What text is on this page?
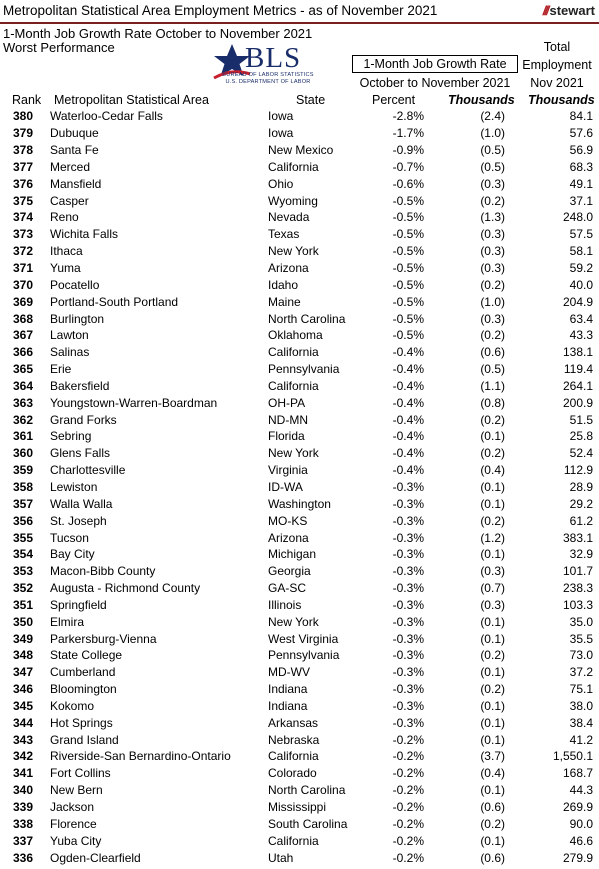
Metropolitan Statistical Area Employment Metrics - as of November 2021	/// stewart
1-Month Job Growth Rate October to November 2021
Worst Performance	BLS
BUREAU OF LABOR STATISTICS
U.S. DEPARTMENT OF LABOR
1-Month Job Growth Rate
October to November 2021
Total
Employment
Nov 2021
Rank Metropolitan Statistical Area	State	Percent	Thousands Thousands
380	Waterloo-Cedar Falls	Iowa	-2.8%	(2.4)	84.1
379	Dubuque	Iowa	-1.7%	(1.0)	57.6
378	Santa Fe	New Mexico	-0.9%	(0.5)	56.9
377	Merced	California	-0.7%	(0.5)	68.3
376	Mansfield	Ohio	-0.6%	(0.3)	49.1
375	Casper	Wyoming	-0.5%	(0.2)	37.1
374	Reno	Nevada	-0.5%	(1.3)	248.0
373	Wichita Falls	Texas	-0.5%	(0.3)	57.5
372	Ithaca	New York	-0.5%	(0.3)	58.1
371	Yuma	Arizona	-0.5%	(0.3)	59.2
370	Pocatello	Idaho	-0.5%	(0.2)	40.0
369	Portland-South Portland	Maine	-0.5%	(1.0)	204.9
368	Burlington	North Carolina	-0.5%	(0.3)	63.4
367	Lawton	Oklahoma	-0.5%	(0.2)	43.3
366	Salinas	California	-0.4%	(0.6)	138.1
365	Erie	Pennsylvania	-0.4%	(0.5)	119.4
364	Bakersfield	California	-0.4%	(1.1)	264.1
363	Youngstown-Warren-Boardman	OH-PA	-0.4%	(0.8)	200.9
362	Grand Forks	ND-MN	-0.4%	(0.2)	51.5
361	Sebring	Florida	-0.4%	(0.1)	25.8
360	Glens Falls	New York	-0.4%	(0.2)	52.4
359	Charlottesville	Virginia	-0.4%	(0.4)	112.9
358	Lewiston	ID-WA	-0.3%	(0.1)	28.9
357	Walla Walla	Washington	-0.3%	(0.1)	29.2
356	St. Joseph	MO-KS	-0.3%	(0.2)	61.2
355	Tucson	Arizona	-0.3%	(1.2)	383.1
354	Bay City	Michigan	-0.3%	(0.1)	32.9
353	Macon-Bibb County	Georgia	-0.3%	(0.3)	101.7
352	Augusta - Richmond County	GA-SC	-0.3%	(0.7)	238.3
351	Springfield	Illinois	-0.3%	(0.3)	103.3
350	Elmira	New York	-0.3%	(0.1)	35.0
349	Parkersburg-Vienna	West Virginia	-0.3%	(0.1)	35.5
348	State College	Pennsylvania	-0.3%	(0.2)	73.0
347	Cumberland	MD-WV	-0.3%	(0.1)	37.2
346	Bloomington	Indiana	-0.3%	(0.2)	75.1
345	Kokomo	Indiana	-0.3%	(0.1)	38.0
344	Hot Springs	Arkansas	-0.3%	(0.1)	38.4
343	Grand Island	Nebraska	-0.2%	(0.1)	41.2
342	Riverside-San Bernardino-Ontario	California	-0.2%	(3.7)	1,550.1
341	Fort Collins	Colorado	-0.2%	(0.4)	168.7
340	New Bern	North Carolina	-0.2%	(0.1)	44.3
339	Jackson	Mississippi	-0.2%	(0.6)	269.9
338	Florence	South Carolina	-0.2%	(0.2)	90.0
337	Yuba City	California	-0.2%	(0.1)	46.6
336	Ogden-Clearfield	Utah	-0.2%	(0.6)	279.9
